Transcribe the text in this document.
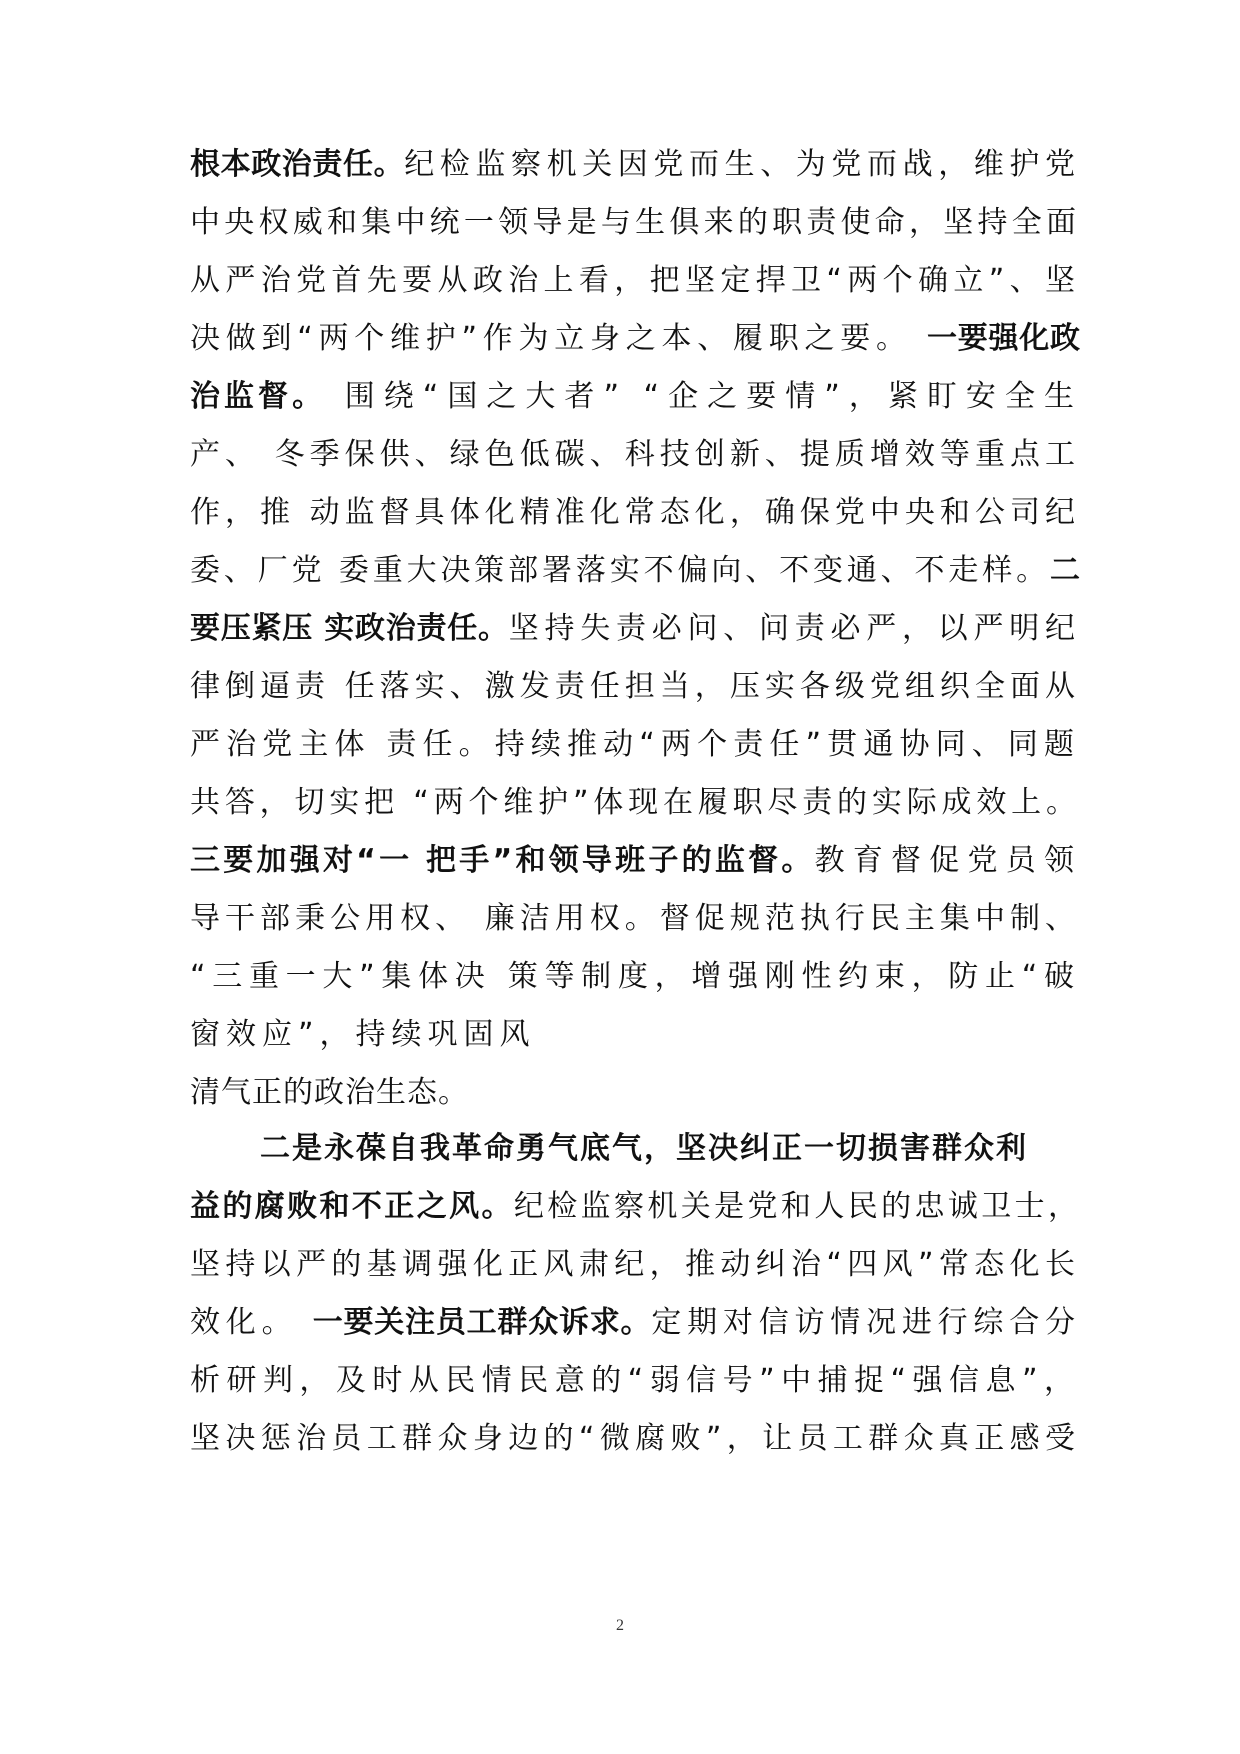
根本政治责任。纪检监察机关因党而生、为党而战，维护党
中央权威和集中统一领导是与生俱来的职责使命，坚持全面
从严治党首先要从政治上看，把坚定捍卫“两个确立”、坚
决做到“两个维护”作为立身之本、履职之要。 一要强化政
治监督。 围绕“国之大者” “企之要情”，紧盯安全生
产、 冬季保供、绿色低碳、科技创新、提质增效等重点工
作，推 动监督具体化精准化常态化，确保党中央和公司纪
委、厂党 委重大决策部署落实不偏向、不变通、不走样。二
要压紧压 实政治责任。坚持失责必问、问责必严，以严明纪
律倒逼责 任落实、激发责任担当，压实各级党组织全面从
严治党主体 责任。持续推动“两个责任”贯通协同、同题
共答，切实把 “两个维护”体现在履职尽责的实际成效上。
三要加强对“一 把手”和领导班子的监督。教育督促党员领
导干部秉公用权、 廉洁用权。督促规范执行民主集中制、
“三重一大”集体决 策等制度，增强刚性约束，防止“破
窗效应”，持续巩固风
清气正的政治生态。
二是永葆自我革命勇气底气，坚决纠正一切损害群众利
益的腐败和不正之风。纪检监察机关是党和人民的忠诚卫士，
坚持以严的基调强化正风肃纪，推动纠治“四风”常态化长
效化。 一要关注员工群众诉求。定期对信访情况进行综合分
析研判，及时从民情民意的“弱信号”中捕捉“强信息”，
坚决惩治员工群众身边的“微腐败”，让员工群众真正感受
2
